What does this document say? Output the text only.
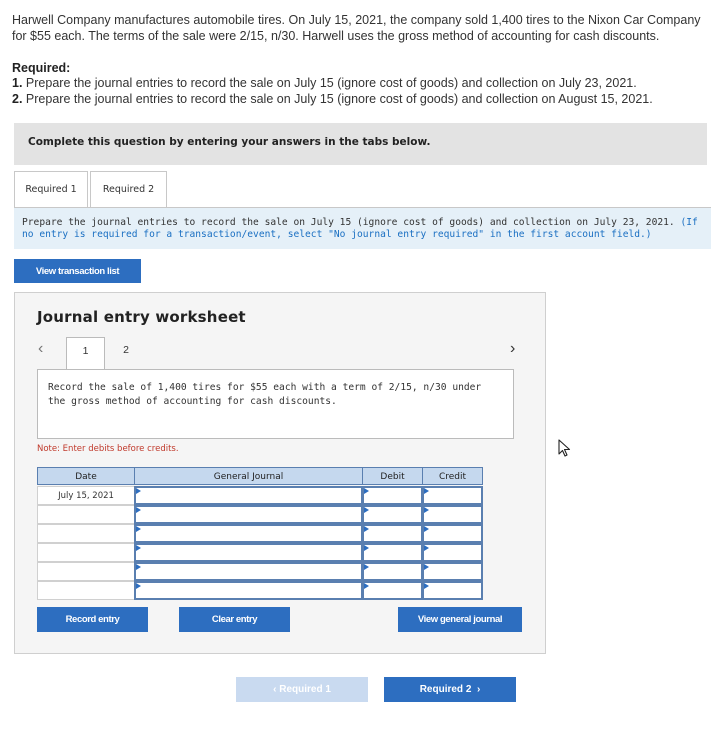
Harwell Company manufactures automobile tires. On July 15, 2021, the company sold 1,400 tires to the Nixon Car Company for $55 each. The terms of the sale were 2/15, n/30. Harwell uses the gross method of accounting for cash discounts.
Required:
1. Prepare the journal entries to record the sale on July 15 (ignore cost of goods) and collection on July 23, 2021.
2. Prepare the journal entries to record the sale on July 15 (ignore cost of goods) and collection on August 15, 2021.
Complete this question by entering your answers in the tabs below.
Required 1	Required 2
Prepare the journal entries to record the sale on July 15 (ignore cost of goods) and collection on July 23, 2021. (If no entry is required for a transaction/event, select "No journal entry required" in the first account field.)
View transaction list
Journal entry worksheet
‹	1	2	›
Record the sale of 1,400 tires for $55 each with a term of 2/15, n/30 under the gross method of accounting for cash discounts.
Note: Enter debits before credits.
Date	General Journal	Debit	Credit
July 15, 2021
Record entry	Clear entry	View general journal
‹ Required 1	Required 2  ›
